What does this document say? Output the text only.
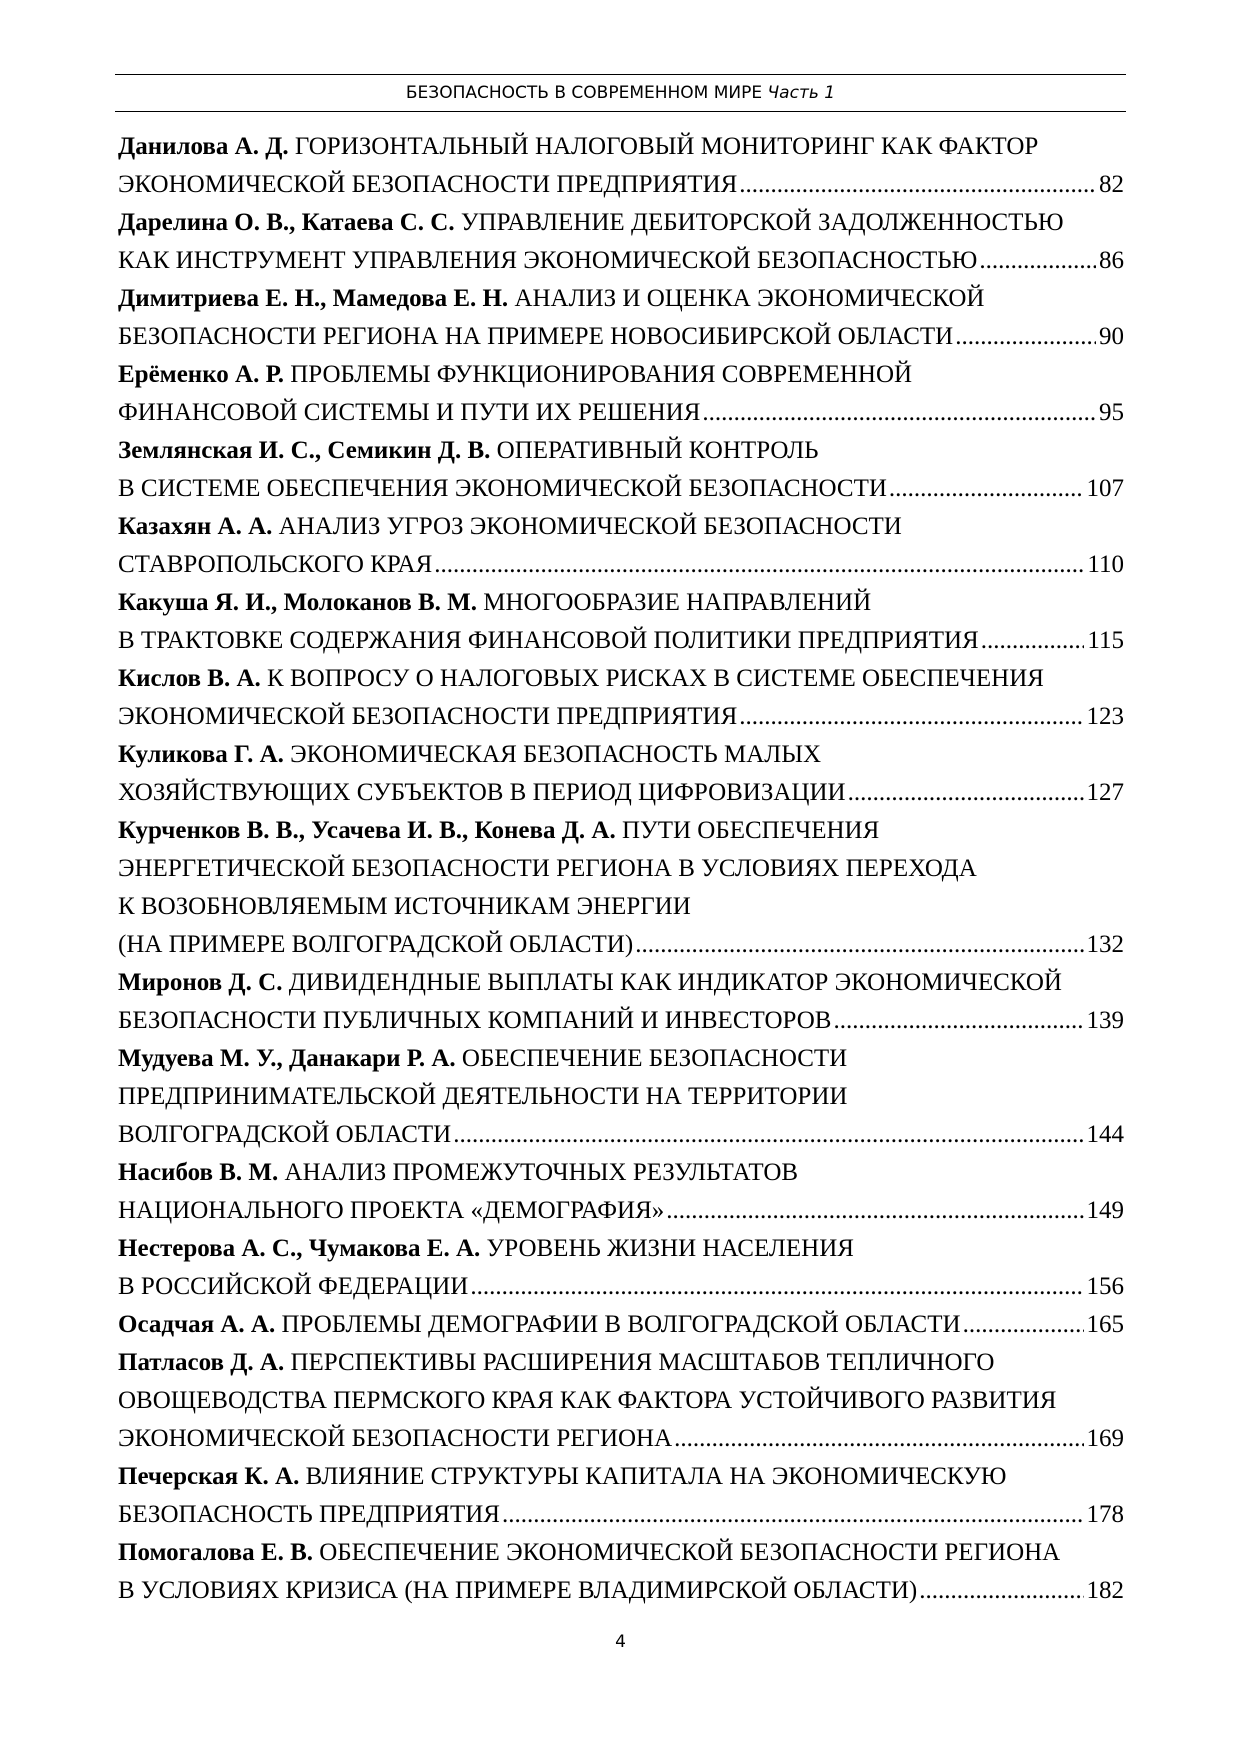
БЕЗОПАСНОСТЬ В СОВРЕМЕННОМ МИРЕ Часть 1
Данилова А. Д. ГОРИЗОНТАЛЬНЫЙ НАЛОГОВЫЙ МОНИТОРИНГ КАК ФАКТОР
ЭКОНОМИЧЕСКОЙ БЕЗОПАСНОСТИ ПРЕДПРИЯТИЯ .....	82
Дарелина О. В., Катаева С. С. УПРАВЛЕНИЕ ДЕБИТОРСКОЙ ЗАДОЛЖЕННОСТЬЮ
КАК ИНСТРУМЕНТ УПРАВЛЕНИЯ ЭКОНОМИЧЕСКОЙ БЕЗОПАСНОСТЬЮ .....	86
Димитриева Е. Н., Мамедова Е. Н. АНАЛИЗ И ОЦЕНКА ЭКОНОМИЧЕСКОЙ
БЕЗОПАСНОСТИ РЕГИОНА НА ПРИМЕРЕ НОВОСИБИРСКОЙ ОБЛАСТИ .....	90
Ерёменко А. Р. ПРОБЛЕМЫ ФУНКЦИОНИРОВАНИЯ СОВРЕМЕННОЙ
ФИНАНСОВОЙ СИСТЕМЫ И ПУТИ ИХ РЕШЕНИЯ .....	95
Землянская И. С., Семикин Д. В. ОПЕРАТИВНЫЙ КОНТРОЛЬ
В СИСТЕМЕ ОБЕСПЕЧЕНИЯ ЭКОНОМИЧЕСКОЙ БЕЗОПАСНОСТИ .....	107
Казахян А. А. АНАЛИЗ УГРОЗ ЭКОНОМИЧЕСКОЙ БЕЗОПАСНОСТИ
СТАВРОПОЛЬСКОГО КРАЯ .....	110
Какуша Я. И., Молоканов В. М. МНОГООБРАЗИЕ НАПРАВЛЕНИЙ
В ТРАКТОВКЕ СОДЕРЖАНИЯ ФИНАНСОВОЙ ПОЛИТИКИ ПРЕДПРИЯТИЯ .....	115
Кислов В. А. К ВОПРОСУ О НАЛОГОВЫХ РИСКАХ В СИСТЕМЕ ОБЕСПЕЧЕНИЯ
ЭКОНОМИЧЕСКОЙ БЕЗОПАСНОСТИ ПРЕДПРИЯТИЯ .....	123
Куликова Г. А. ЭКОНОМИЧЕСКАЯ БЕЗОПАСНОСТЬ МАЛЫХ
ХОЗЯЙСТВУЮЩИХ СУБЪЕКТОВ В ПЕРИОД ЦИФРОВИЗАЦИИ .....	127
Курченков В. В., Усачева И. В., Конева Д. А. ПУТИ ОБЕСПЕЧЕНИЯ
ЭНЕРГЕТИЧЕСКОЙ БЕЗОПАСНОСТИ РЕГИОНА В УСЛОВИЯХ ПЕРЕХОДА
К ВОЗОБНОВЛЯЕМЫМ ИСТОЧНИКАМ ЭНЕРГИИ
(НА ПРИМЕРЕ ВОЛГОГРАДСКОЙ ОБЛАСТИ) .....	132
Миронов Д. С. ДИВИДЕНДНЫЕ ВЫПЛАТЫ КАК ИНДИКАТОР ЭКОНОМИЧЕСКОЙ
БЕЗОПАСНОСТИ ПУБЛИЧНЫХ КОМПАНИЙ И ИНВЕСТОРОВ .....	139
Мудуева М. У., Данакари Р. А. ОБЕСПЕЧЕНИЕ БЕЗОПАСНОСТИ
ПРЕДПРИНИМАТЕЛЬСКОЙ ДЕЯТЕЛЬНОСТИ НА ТЕРРИТОРИИ
ВОЛГОГРАДСКОЙ ОБЛАСТИ .....	144
Насибов В. М. АНАЛИЗ ПРОМЕЖУТОЧНЫХ РЕЗУЛЬТАТОВ
НАЦИОНАЛЬНОГО ПРОЕКТА «ДЕМОГРАФИЯ» .....	149
Нестерова А. С., Чумакова Е. А. УРОВЕНЬ ЖИЗНИ НАСЕЛЕНИЯ
В РОССИЙСКОЙ ФЕДЕРАЦИИ .....	156
Осадчая А. А. ПРОБЛЕМЫ ДЕМОГРАФИИ В ВОЛГОГРАДСКОЙ ОБЛАСТИ .....	165
Патласов Д. А. ПЕРСПЕКТИВЫ РАСШИРЕНИЯ МАСШТАБОВ ТЕПЛИЧНОГО
ОВОЩЕВОДСТВА ПЕРМСКОГО КРАЯ КАК ФАКТОРА УСТОЙЧИВОГО РАЗВИТИЯ
ЭКОНОМИЧЕСКОЙ БЕЗОПАСНОСТИ РЕГИОНА .....	169
Печерская К. А. ВЛИЯНИЕ СТРУКТУРЫ КАПИТАЛА НА ЭКОНОМИЧЕСКУЮ
БЕЗОПАСНОСТЬ ПРЕДПРИЯТИЯ .....	178
Помогалова Е. В. ОБЕСПЕЧЕНИЕ ЭКОНОМИЧЕСКОЙ БЕЗОПАСНОСТИ РЕГИОНА
В УСЛОВИЯХ КРИЗИСА (НА ПРИМЕРЕ ВЛАДИМИРСКОЙ ОБЛАСТИ) .....	182
4
